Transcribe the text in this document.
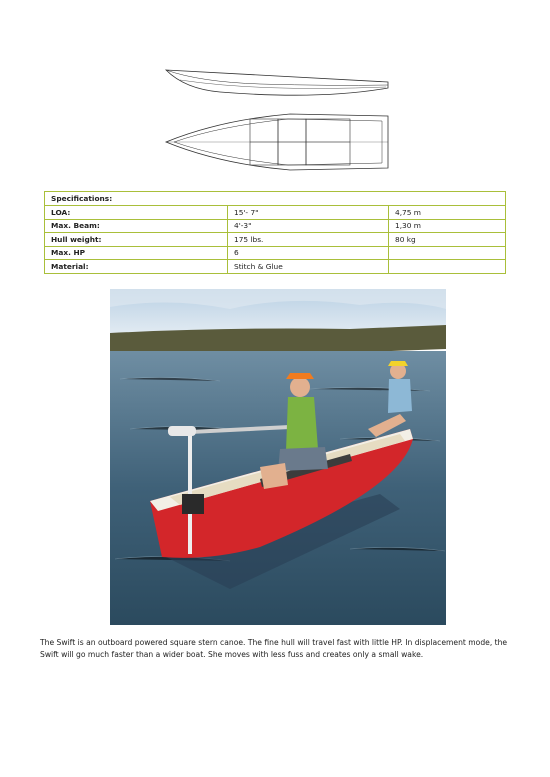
Specifications:		
LOA:	15'- 7"	4,75 m
Max. Beam:	4'-3"	1,30 m
Hull weight:	175 lbs.	80 kg
Max. HP	6	
Material:	Stitch & Glue	
The Swift is an outboard powered square stern canoe. The fine hull will travel fast with little HP. In displacement mode, the Swift will go much faster than a wider boat. She moves with less fuss and creates only a small wake.
